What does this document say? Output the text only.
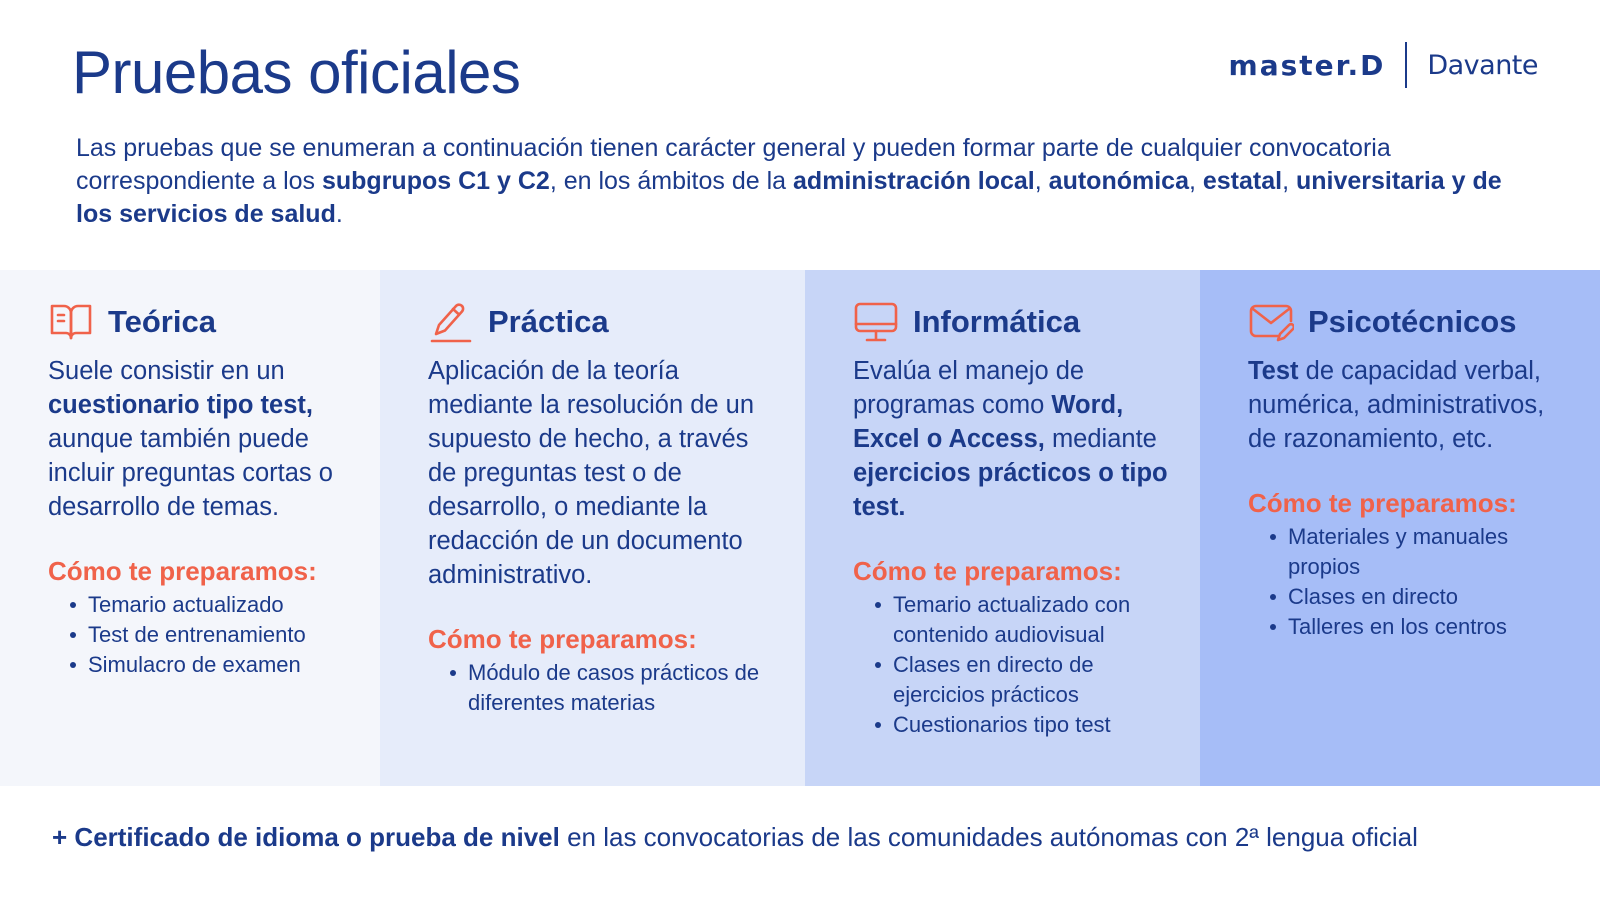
Pruebas oficiales	master.D Davante

Las pruebas que se enumeran a continuación tienen carácter general y pueden formar parte de cualquier convocatoria correspondiente a los subgrupos C1 y C2, en los ámbitos de la administración local, autonómica, estatal, universitaria y de los servicios de salud.

Teórica
Suele consistir en un cuestionario tipo test, aunque también puede incluir preguntas cortas o desarrollo de temas.
Cómo te preparamos:
Temario actualizado
Test de entrenamiento
Simulacro de examen
Práctica
Aplicación de la teoría mediante la resolución de un supuesto de hecho, a través de preguntas test o de desarrollo, o mediante la redacción de un documento administrativo.
Cómo te preparamos:
Módulo de casos prácticos de diferentes materias
Informática
Evalúa el manejo de programas como Word, Excel o Access, mediante ejercicios prácticos o tipo test.
Cómo te preparamos:
Temario actualizado con contenido audiovisual
Clases en directo de ejercicios prácticos
Cuestionarios tipo test
Psicotécnicos
Test de capacidad verbal, numérica, administrativos, de razonamiento, etc.
Cómo te preparamos:
Materiales y manuales propios
Clases en directo
Talleres en los centros

+ Certificado de idioma o prueba de nivel en las convocatorias de las comunidades autónomas con 2ª lengua oficial
